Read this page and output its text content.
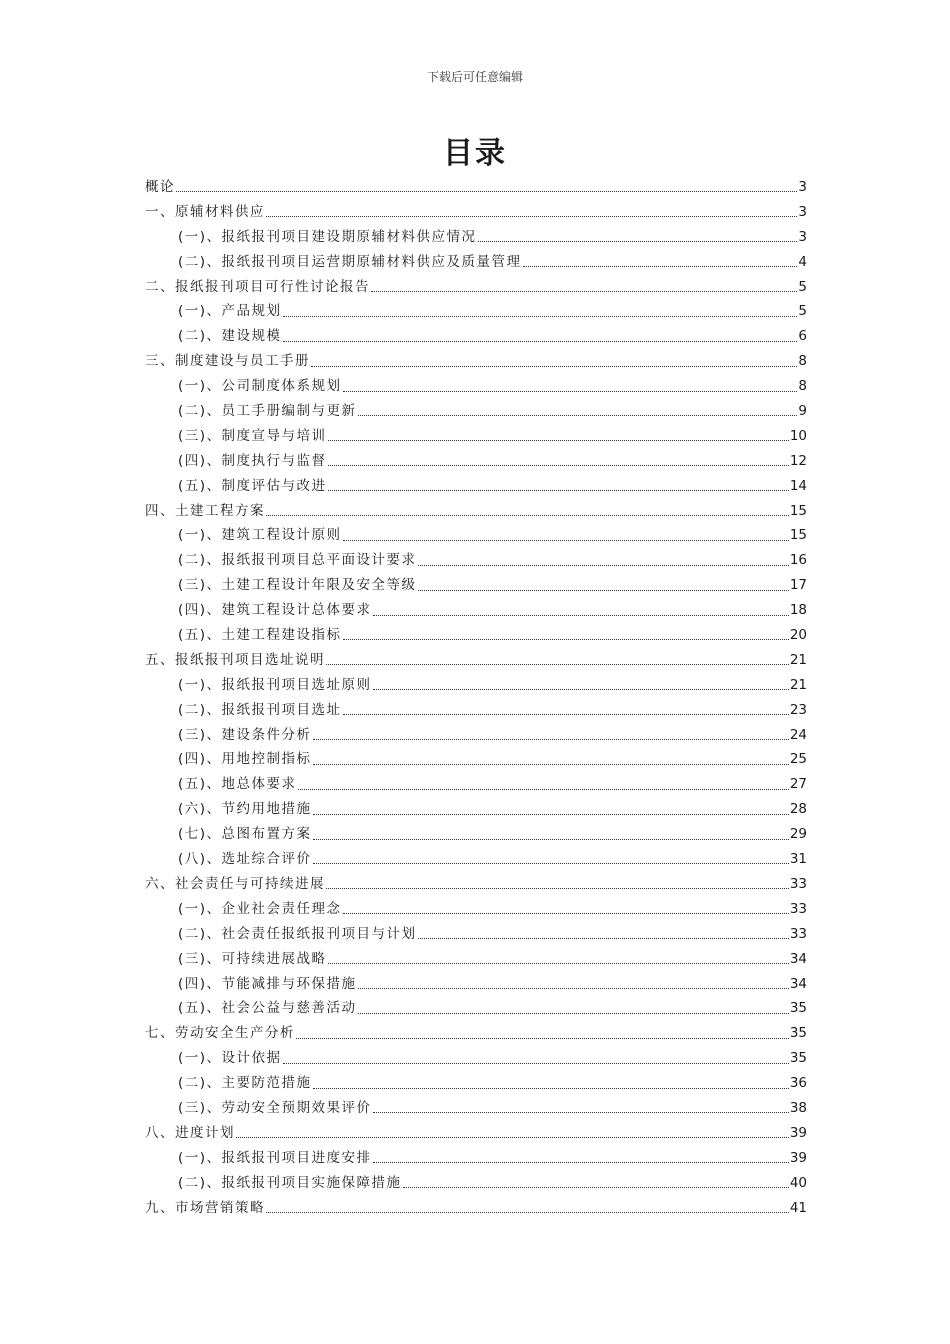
下载后可任意编辑
目录
概论	3
一、原辅材料供应	3
(一)、报纸报刊项目建设期原辅材料供应情况	3
(二)、报纸报刊项目运营期原辅材料供应及质量管理	4
二、报纸报刊项目可行性讨论报告	5
(一)、产品规划	5
(二)、建设规模	6
三、制度建设与员工手册	8
(一)、公司制度体系规划	8
(二)、员工手册编制与更新	9
(三)、制度宣导与培训	10
(四)、制度执行与监督	12
(五)、制度评估与改进	14
四、土建工程方案	15
(一)、建筑工程设计原则	15
(二)、报纸报刊项目总平面设计要求	16
(三)、土建工程设计年限及安全等级	17
(四)、建筑工程设计总体要求	18
(五)、土建工程建设指标	20
五、报纸报刊项目选址说明	21
(一)、报纸报刊项目选址原则	21
(二)、报纸报刊项目选址	23
(三)、建设条件分析	24
(四)、用地控制指标	25
(五)、地总体要求	27
(六)、节约用地措施	28
(七)、总图布置方案	29
(八)、选址综合评价	31
六、社会责任与可持续进展	33
(一)、企业社会责任理念	33
(二)、社会责任报纸报刊项目与计划	33
(三)、可持续进展战略	34
(四)、节能减排与环保措施	34
(五)、社会公益与慈善活动	35
七、劳动安全生产分析	35
(一)、设计依据	35
(二)、主要防范措施	36
(三)、劳动安全预期效果评价	38
八、进度计划	39
(一)、报纸报刊项目进度安排	39
(二)、报纸报刊项目实施保障措施	40
九、市场营销策略	41
